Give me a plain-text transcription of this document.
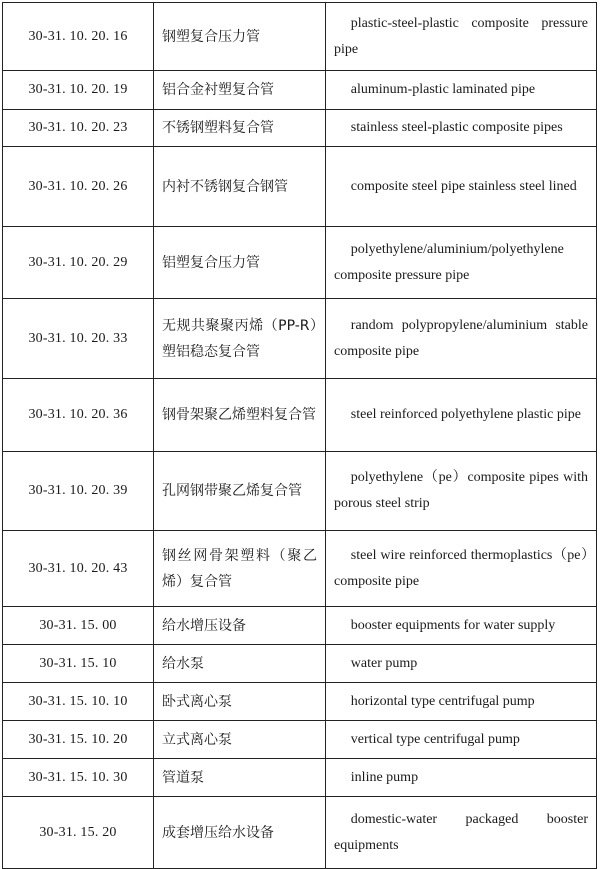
30-31. 10. 20. 16	钢塑复合压力管	plastic-steel-plastic composite pressure pipe

30-31. 10. 20. 19	铝合金衬塑复合管	aluminum-plastic laminated pipe

30-31. 10. 20. 23	不锈钢塑料复合管	stainless steel-plastic composite pipes

30-31. 10. 20. 26	内衬不锈钢复合钢管	composite steel pipe stainless steel lined

30-31. 10. 20. 29	铝塑复合压力管	polyethylene/aluminium/polyethylene composite pressure pipe

30-31. 10. 20. 33	无规共聚聚丙烯（PP-R）塑铝稳态复合管	random polypropylene/aluminium stable composite pipe

30-31. 10. 20. 36	钢骨架聚乙烯塑料复合管	steel reinforced polyethylene plastic pipe

30-31. 10. 20. 39	孔网钢带聚乙烯复合管	polyethylene（pe）composite pipes with porous steel strip

30-31. 10. 20. 43	钢丝网骨架塑料（聚乙烯）复合管	steel wire reinforced thermoplastics（pe）composite pipe

30-31. 15. 00	给水增压设备	booster equipments for water supply

30-31. 15. 10	给水泵	water pump

30-31. 15. 10. 10	卧式离心泵	horizontal type centrifugal pump

30-31. 15. 10. 20	立式离心泵	vertical type centrifugal pump

30-31. 15. 10. 30	管道泵	inline pump

30-31. 15. 20	成套增压给水设备	domestic-water packaged booster equipments
